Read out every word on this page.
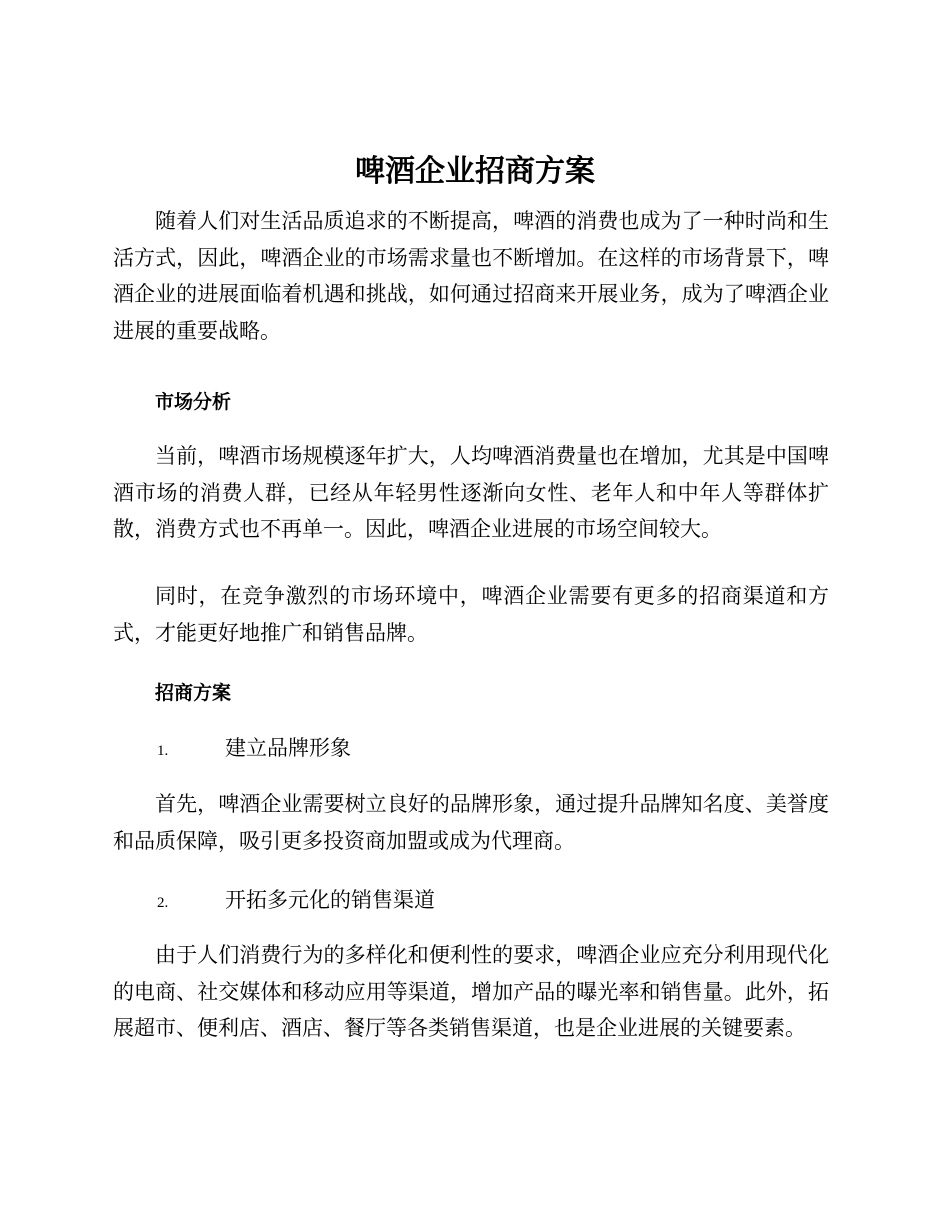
啤酒企业招商方案

随着人们对生活品质追求的不断提高，啤酒的消费也成为了一种时尚和生活方式，因此，啤酒企业的市场需求量也不断增加。在这样的市场背景下，啤酒企业的进展面临着机遇和挑战，如何通过招商来开展业务，成为了啤酒企业进展的重要战略。

市场分析

当前，啤酒市场规模逐年扩大，人均啤酒消费量也在增加，尤其是中国啤酒市场的消费人群，已经从年轻男性逐渐向女性、老年人和中年人等群体扩散，消费方式也不再单一。因此，啤酒企业进展的市场空间较大。

同时，在竞争激烈的市场环境中，啤酒企业需要有更多的招商渠道和方式，才能更好地推广和销售品牌。

招商方案
1.	建立品牌形象

首先，啤酒企业需要树立良好的品牌形象，通过提升品牌知名度、美誉度和品质保障，吸引更多投资商加盟或成为代理商。

2.	开拓多元化的销售渠道

由于人们消费行为的多样化和便利性的要求，啤酒企业应充分利用现代化的电商、社交媒体和移动应用等渠道，增加产品的曝光率和销售量。此外，拓展超市、便利店、酒店、餐厅等各类销售渠道，也是企业进展的关键要素。
